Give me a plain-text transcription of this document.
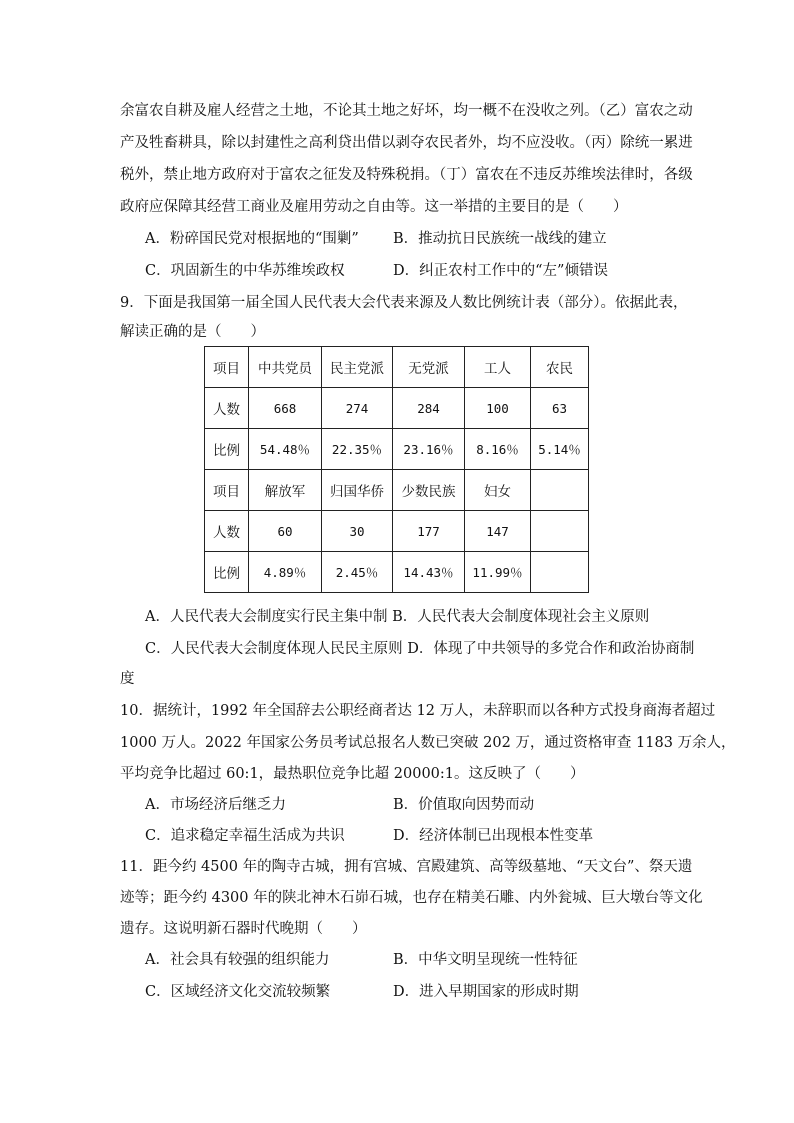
余富农自耕及雇人经营之土地，不论其土地之好坏，均一概不在没收之列。（乙）富农之动
产及牲畜耕具，除以封建性之高利贷出借以剥夺农民者外，均不应没收。（丙）除统一累进
税外，禁止地方政府对于富农之征发及特殊税捐。（丁）富农在不违反苏维埃法律时，各级
政府应保障其经营工商业及雇用劳动之自由等。这一举措的主要目的是（　　）
A．粉碎国民党对根据地的“围剿” B．推动抗日民族统一战线的建立
C．巩固新生的中华苏维埃政权	D．纠正农村工作中的“左”倾错误
9．下面是我国第一届全国人民代表大会代表来源及人数比例统计表（部分）。依据此表，
解读正确的是（　　）
项目	中共党员	民主党派	无党派	工人	农民
人数	668	274	284	100	63
比例	54.48％	22.35％	23.16％	8.16％	5.14％
项目	解放军	归国华侨	少数民族	妇女	
人数	60	30	177	147	
比例	4.89％	2.45％	14.43％	11.99％	
A．人民代表大会制度实行民主集中制 B．人民代表大会制度体现社会主义原则
C．人民代表大会制度体现人民民主原则 D．体现了中共领导的多党合作和政治协商制
度
10．据统计，1992 年全国辞去公职经商者达 12 万人，未辞职而以各种方式投身商海者超过
1000 万人。2022 年国家公务员考试总报名人数已突破 202 万，通过资格审查 1183 万余人，
平均竞争比超过 60:1，最热职位竞争比超 20000:1。这反映了（　　）
A．市场经济后继乏力	B．价值取向因势而动
C．追求稳定幸福生活成为共识	D．经济体制已出现根本性变革
11．距今约 4500 年的陶寺古城，拥有宫城、宫殿建筑、高等级墓地、“天文台”、祭天遗
迹等；距今约 4300 年的陕北神木石峁石城，也存在精美石雕、内外瓮城、巨大墩台等文化
遗存。这说明新石器时代晚期（　　）
A．社会具有较强的组织能力	B．中华文明呈现统一性特征
C．区域经济文化交流较频繁	D．进入早期国家的形成时期
